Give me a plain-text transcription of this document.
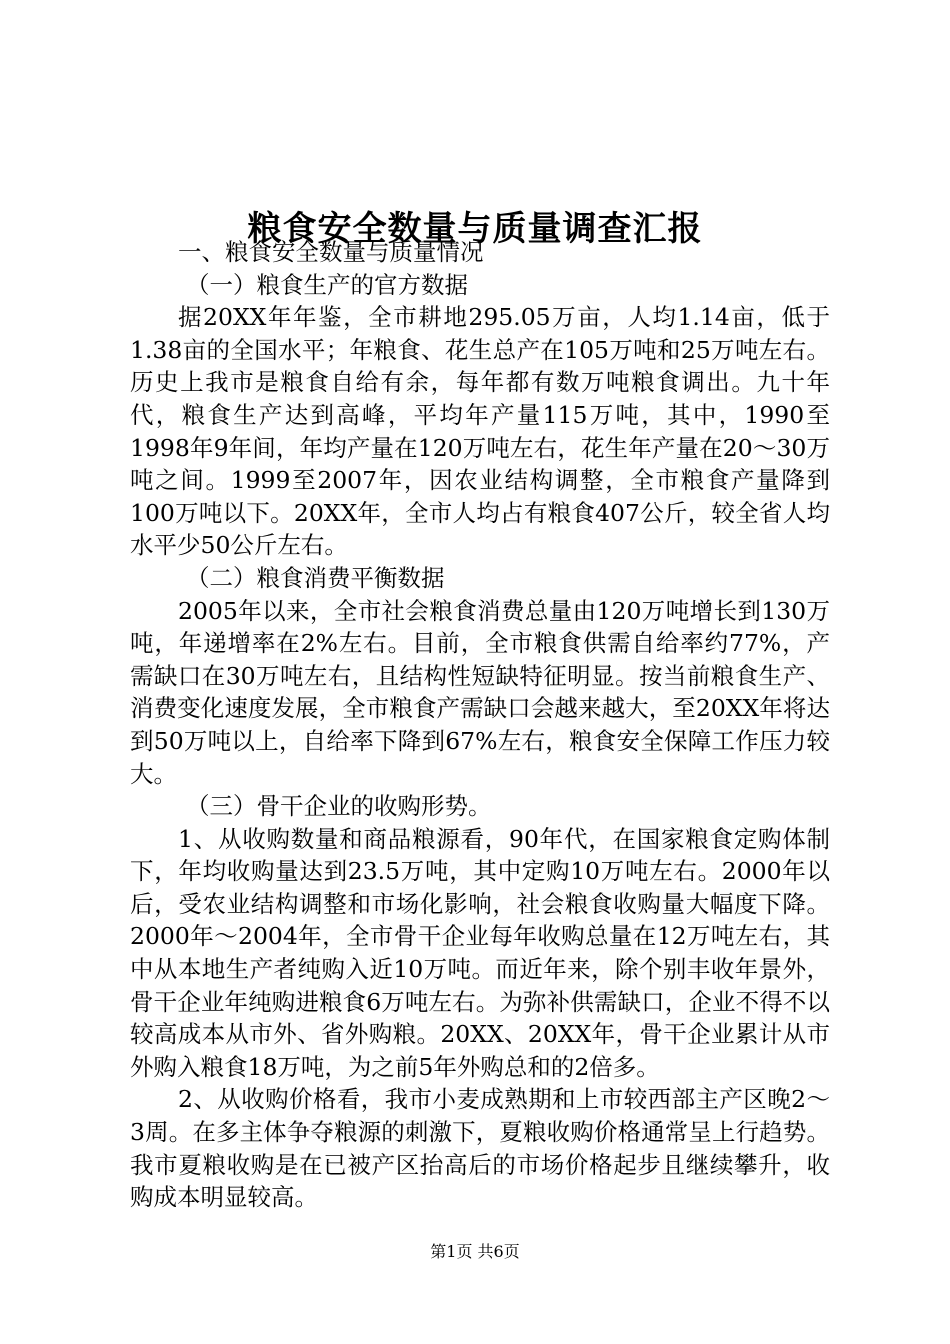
粮食安全数量与质量调查汇报

一、粮食安全数量与质量情况

（一）粮食生产的官方数据

据20XX年年鉴，全市耕地295.05万亩，人均1.14亩，低于1.38亩的全国水平；年粮食、花生总产在105万吨和25万吨左右。历史上我市是粮食自给有余，每年都有数万吨粮食调出。九十年代，粮食生产达到高峰，平均年产量115万吨，其中，1990至1998年9年间，年均产量在120万吨左右，花生年产量在20～30万吨之间。1999至2007年，因农业结构调整，全市粮食产量降到100万吨以下。20XX年，全市人均占有粮食407公斤，较全省人均水平少50公斤左右。

（二）粮食消费平衡数据

2005年以来，全市社会粮食消费总量由120万吨增长到130万吨，年递增率在2%左右。目前，全市粮食供需自给率约77%，产需缺口在30万吨左右，且结构性短缺特征明显。按当前粮食生产、消费变化速度发展，全市粮食产需缺口会越来越大，至20XX年将达到50万吨以上，自给率下降到67%左右，粮食安全保障工作压力较大。

（三）骨干企业的收购形势。

1、从收购数量和商品粮源看，90年代，在国家粮食定购体制下，年均收购量达到23.5万吨，其中定购10万吨左右。2000年以后，受农业结构调整和市场化影响，社会粮食收购量大幅度下降。2000年～2004年，全市骨干企业每年收购总量在12万吨左右，其中从本地生产者纯购入近10万吨。而近年来，除个别丰收年景外，骨干企业年纯购进粮食6万吨左右。为弥补供需缺口，企业不得不以较高成本从市外、省外购粮。20XX、20XX年，骨干企业累计从市外购入粮食18万吨，为之前5年外购总和的2倍多。

2、从收购价格看，我市小麦成熟期和上市较西部主产区晚2～3周。在多主体争夺粮源的刺激下，夏粮收购价格通常呈上行趋势。我市夏粮收购是在已被产区抬高后的市场价格起步且继续攀升，收购成本明显较高。

第1页 共6页
